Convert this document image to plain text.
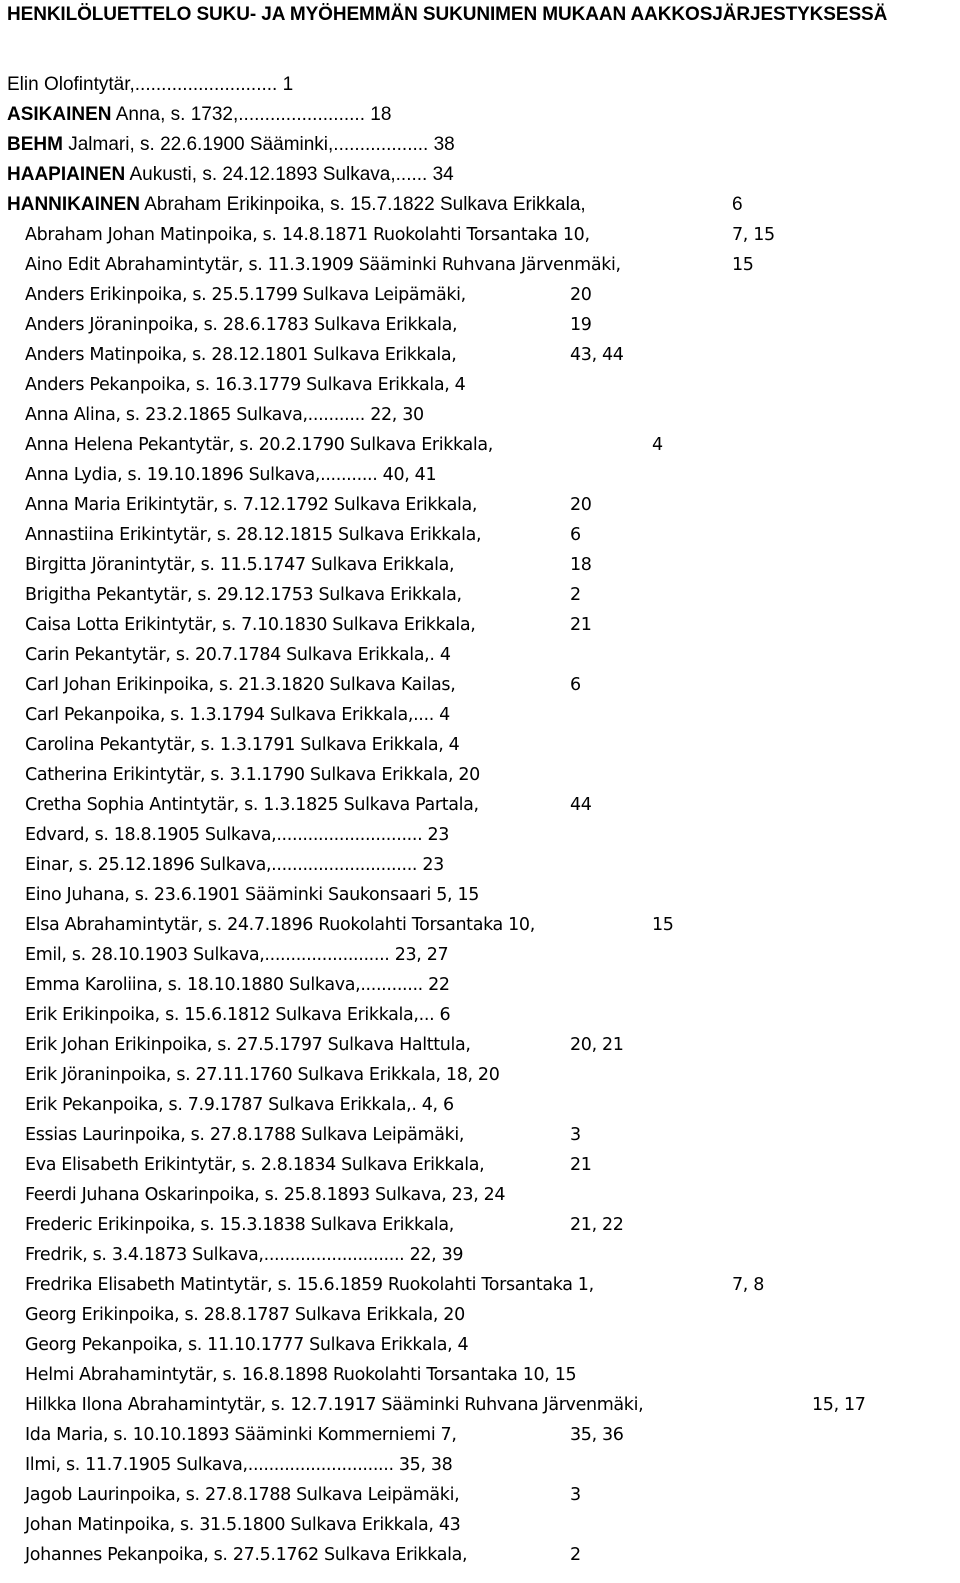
HENKILÖLUETTELO SUKU- JA MYÖHEMMÄN SUKUNIMEN MUKAAN AAKKOSJÄRJESTYKSESSÄ
Elin Olofintytär,........................... 1
ASIKAINEN Anna, s. 1732,........................ 18
BEHM Jalmari, s. 22.6.1900 Sääminki,.................. 38
HAAPIAINEN Aukusti, s. 24.12.1893 Sulkava,...... 34
HANNIKAINEN Abraham Erikinpoika, s. 15.7.1822 Sulkava Erikkala,	6
Abraham Johan Matinpoika, s. 14.8.1871 Ruokolahti Torsantaka 10,	7, 15
Aino Edit Abrahamintytär, s. 11.3.1909 Sääminki Ruhvana Järvenmäki,	15
Anders Erikinpoika, s. 25.5.1799 Sulkava Leipämäki,	20
Anders Jöraninpoika, s. 28.6.1783 Sulkava Erikkala,	19
Anders Matinpoika, s. 28.12.1801 Sulkava Erikkala,	43, 44
Anders Pekanpoika, s. 16.3.1779 Sulkava Erikkala, 4
Anna Alina, s. 23.2.1865 Sulkava,........... 22, 30
Anna Helena Pekantytär, s. 20.2.1790 Sulkava Erikkala,	4
Anna Lydia, s. 19.10.1896 Sulkava,........... 40, 41
Anna Maria Erikintytär, s. 7.12.1792 Sulkava Erikkala,	20
Annastiina Erikintytär, s. 28.12.1815 Sulkava Erikkala,	6
Birgitta Jöranintytär, s. 11.5.1747 Sulkava Erikkala,	18
Brigitha Pekantytär, s. 29.12.1753 Sulkava Erikkala,	2
Caisa Lotta Erikintytär, s. 7.10.1830 Sulkava Erikkala,	21
Carin Pekantytär, s. 20.7.1784 Sulkava Erikkala,. 4
Carl Johan Erikinpoika, s. 21.3.1820 Sulkava Kailas,	6
Carl Pekanpoika, s. 1.3.1794 Sulkava Erikkala,.... 4
Carolina Pekantytär, s. 1.3.1791 Sulkava Erikkala, 4
Catherina Erikintytär, s. 3.1.1790 Sulkava Erikkala, 20
Cretha Sophia Antintytär, s. 1.3.1825 Sulkava Partala,	44
Edvard, s. 18.8.1905 Sulkava,............................ 23
Einar, s. 25.12.1896 Sulkava,............................ 23
Eino Juhana, s. 23.6.1901 Sääminki Saukonsaari 5, 15
Elsa Abrahamintytär, s. 24.7.1896 Ruokolahti Torsantaka 10,	15
Emil, s. 28.10.1903 Sulkava,........................ 23, 27
Emma Karoliina, s. 18.10.1880 Sulkava,............ 22
Erik Erikinpoika, s. 15.6.1812 Sulkava Erikkala,... 6
Erik Johan Erikinpoika, s. 27.5.1797 Sulkava Halttula,	20, 21
Erik Jöraninpoika, s. 27.11.1760 Sulkava Erikkala, 18, 20
Erik Pekanpoika, s. 7.9.1787 Sulkava Erikkala,. 4, 6
Essias Laurinpoika, s. 27.8.1788 Sulkava Leipämäki,	3
Eva Elisabeth Erikintytär, s. 2.8.1834 Sulkava Erikkala,	21
Feerdi Juhana Oskarinpoika, s. 25.8.1893 Sulkava, 23, 24
Frederic Erikinpoika, s. 15.3.1838 Sulkava Erikkala,	21, 22
Fredrik, s. 3.4.1873 Sulkava,........................... 22, 39
Fredrika Elisabeth Matintytär, s. 15.6.1859 Ruokolahti Torsantaka 1,	7, 8
Georg Erikinpoika, s. 28.8.1787 Sulkava Erikkala, 20
Georg Pekanpoika, s. 11.10.1777 Sulkava Erikkala, 4
Helmi Abrahamintytär, s. 16.8.1898 Ruokolahti Torsantaka 10, 15
Hilkka Ilona Abrahamintytär, s. 12.7.1917 Sääminki Ruhvana Järvenmäki,	15, 17
Ida Maria, s. 10.10.1893 Sääminki Kommerniemi 7,	35, 36
Ilmi, s. 11.7.1905 Sulkava,............................ 35, 38
Jagob Laurinpoika, s. 27.8.1788 Sulkava Leipämäki,	3
Johan Matinpoika, s. 31.5.1800 Sulkava Erikkala, 43
Johannes Pekanpoika, s. 27.5.1762 Sulkava Erikkala,	2
